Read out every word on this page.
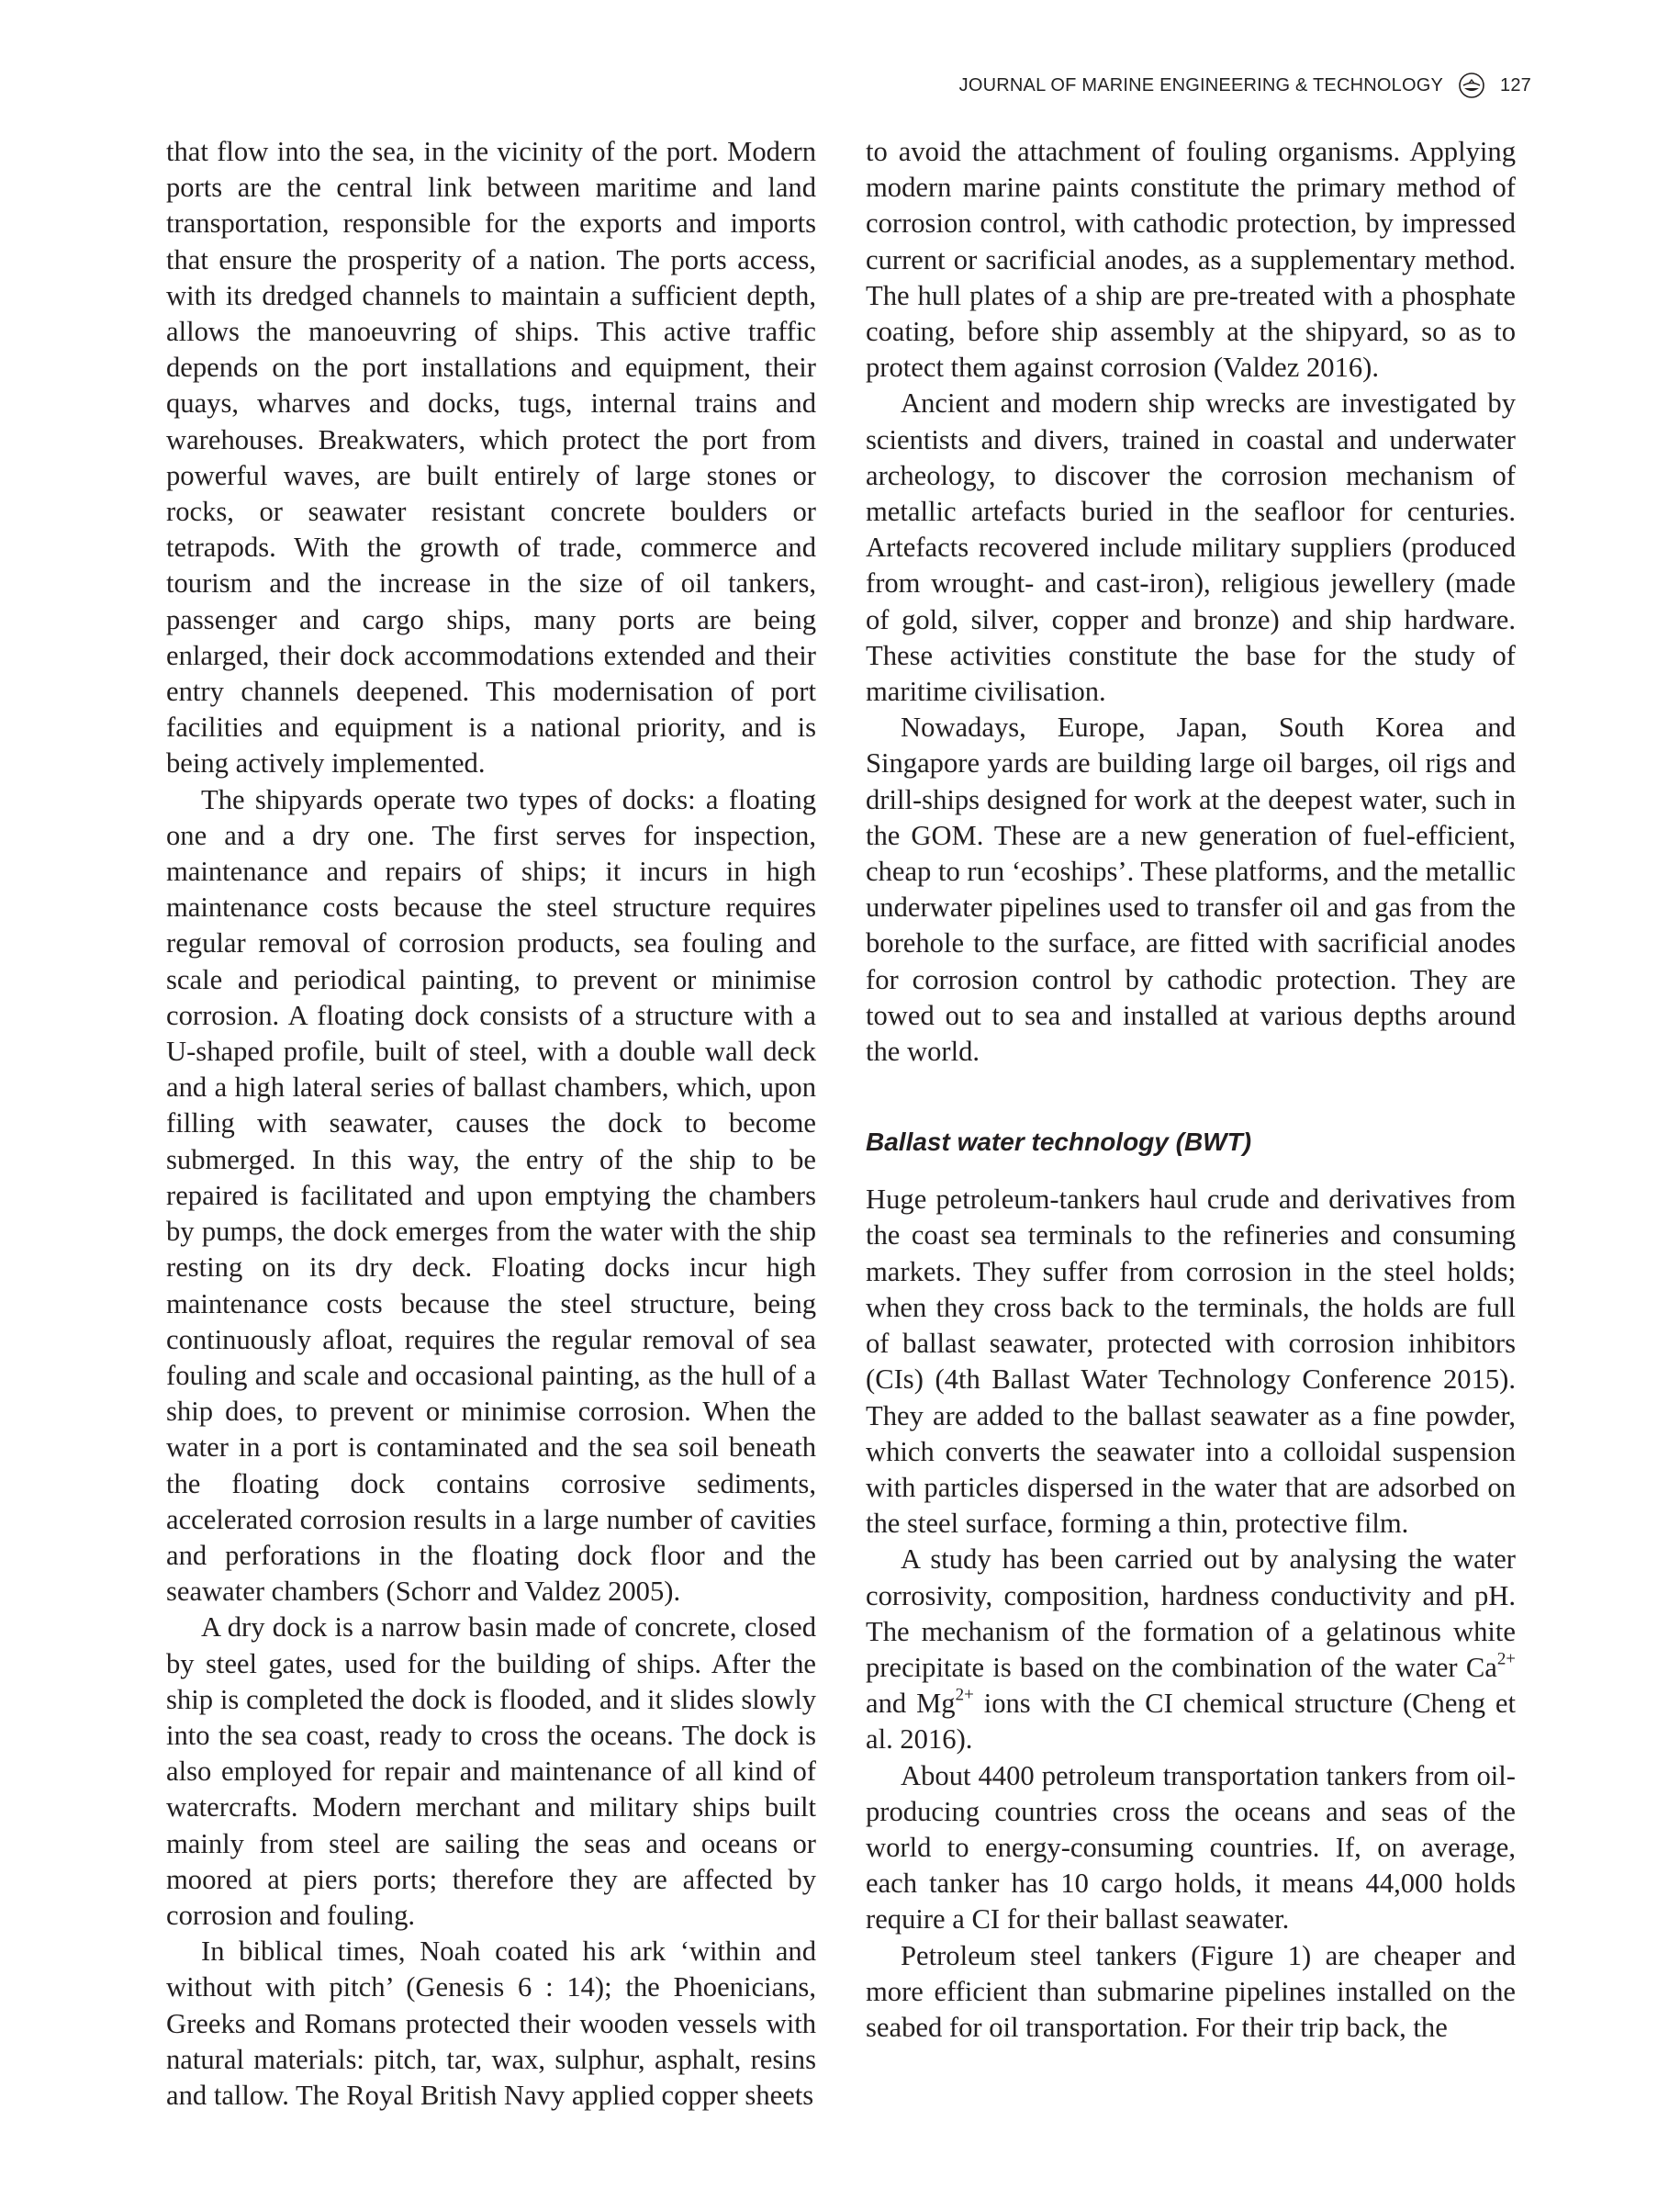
JOURNAL OF MARINE ENGINEERING & TECHNOLOGY	127

that flow into the sea, in the vicinity of the port. Modern ports are the central link between maritime and land transportation, responsible for the exports and imports that ensure the prosperity of a nation. The ports access, with its dredged channels to maintain a sufficient depth, allows the manoeuvring of ships. This active traffic depends on the port installations and equipment, their quays, wharves and docks, tugs, internal trains and warehouses. Breakwaters, which protect the port from powerful waves, are built entirely of large stones or rocks, or seawater resistant concrete boulders or tetrapods. With the growth of trade, commerce and tourism and the increase in the size of oil tankers, passenger and cargo ships, many ports are being enlarged, their dock accommodations extended and their entry channels deepened. This modernisation of port facilities and equipment is a national priority, and is being actively implemented.

The shipyards operate two types of docks: a floating one and a dry one. The first serves for inspection, maintenance and repairs of ships; it incurs in high maintenance costs because the steel structure requires regular removal of corrosion products, sea fouling and scale and periodical painting, to prevent or minimise corrosion. A floating dock consists of a structure with a U-shaped profile, built of steel, with a double wall deck and a high lateral series of ballast chambers, which, upon filling with seawater, causes the dock to become submerged. In this way, the entry of the ship to be repaired is facilitated and upon emptying the chambers by pumps, the dock emerges from the water with the ship resting on its dry deck. Floating docks incur high maintenance costs because the steel structure, being continuously afloat, requires the regular removal of sea fouling and scale and occasional painting, as the hull of a ship does, to prevent or minimise corrosion. When the water in a port is contaminated and the sea soil beneath the floating dock contains corrosive sediments, accelerated corrosion results in a large number of cavities and perforations in the floating dock floor and the seawater chambers (Schorr and Valdez 2005).

A dry dock is a narrow basin made of concrete, closed by steel gates, used for the building of ships. After the ship is completed the dock is flooded, and it slides slowly into the sea coast, ready to cross the oceans. The dock is also employed for repair and maintenance of all kind of watercrafts. Modern merchant and military ships built mainly from steel are sailing the seas and oceans or moored at piers ports; therefore they are affected by corrosion and fouling.

In biblical times, Noah coated his ark ‘within and without with pitch’ (Genesis 6 : 14); the Phoenicians, Greeks and Romans protected their wooden vessels with natural materials: pitch, tar, wax, sulphur, asphalt, resins and tallow. The Royal British Navy applied copper sheets

to avoid the attachment of fouling organisms. Applying modern marine paints constitute the primary method of corrosion control, with cathodic protection, by impressed current or sacrificial anodes, as a supplementary method. The hull plates of a ship are pre-treated with a phosphate coating, before ship assembly at the shipyard, so as to protect them against corrosion (Valdez 2016).

Ancient and modern ship wrecks are investigated by scientists and divers, trained in coastal and underwater archeology, to discover the corrosion mechanism of metallic artefacts buried in the seafloor for centuries. Artefacts recovered include military suppliers (produced from wrought- and cast-iron), religious jewellery (made of gold, silver, copper and bronze) and ship hardware. These activities constitute the base for the study of maritime civilisation.

Nowadays, Europe, Japan, South Korea and Singapore yards are building large oil barges, oil rigs and drill-ships designed for work at the deepest water, such in the GOM. These are a new generation of fuel-efficient, cheap to run ‘ecoships’. These platforms, and the metallic underwater pipelines used to transfer oil and gas from the borehole to the surface, are fitted with sacrificial anodes for corrosion control by cathodic protection. They are towed out to sea and installed at various depths around the world.

Ballast water technology (BWT)

Huge petroleum-tankers haul crude and derivatives from the coast sea terminals to the refineries and consuming markets. They suffer from corrosion in the steel holds; when they cross back to the terminals, the holds are full of ballast seawater, protected with corrosion inhibitors (CIs) (4th Ballast Water Technology Conference 2015). They are added to the ballast seawater as a fine powder, which converts the seawater into a colloidal suspension with particles dispersed in the water that are adsorbed on the steel surface, forming a thin, protective film.

A study has been carried out by analysing the water corrosivity, composition, hardness conductivity and pH. The mechanism of the formation of a gelatinous white precipitate is based on the combination of the water $Ca^{2+}$ and $Mg^{2+}$ ions with the CI chemical structure (Cheng et al. 2016).

About 4400 petroleum transportation tankers from oil-producing countries cross the oceans and seas of the world to energy-consuming countries. If, on average, each tanker has 10 cargo holds, it means 44,000 holds require a CI for their ballast seawater.

Petroleum steel tankers (Figure 1) are cheaper and more efficient than submarine pipelines installed on the seabed for oil transportation. For their trip back, the
